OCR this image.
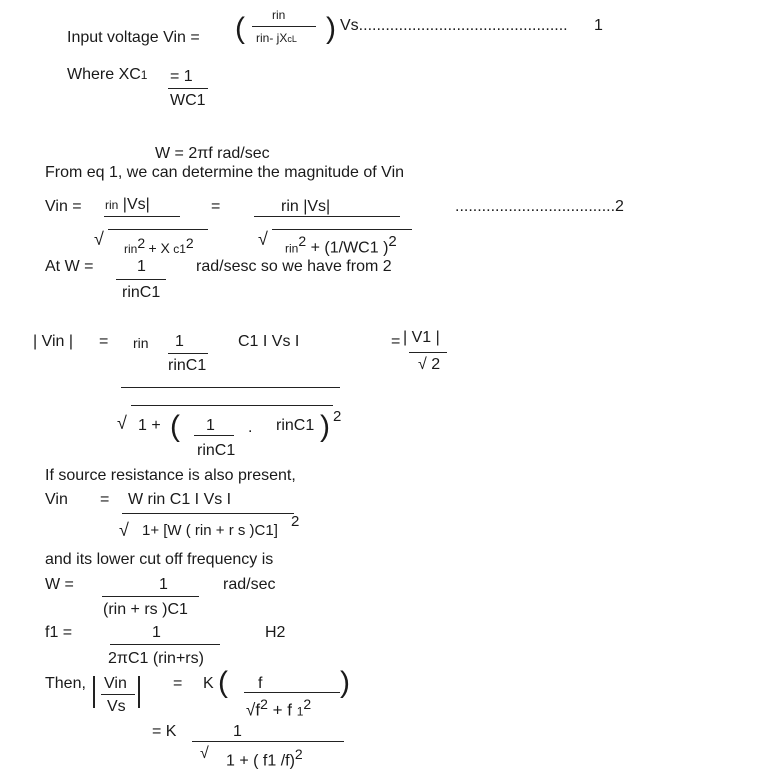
Input voltage Vin = ( rin
rin- jXcL ) Vs............................................... 1
Where XC1 = 1
WC1
W = 2πf rad/sec
From eq 1, we can determine the magnitude of Vin
Vin = rin |Vs|
√ rin$^2$ + X $c1^2$
=	rin |Vs|
√ rin$^2$ + (1/WC1 )$^2$
....................................2
At W =	1
rinC1
rad/sesc so we have from 2
| Vin | = rin 1
rinC1
C1 I Vs I	= | V1 |
√ 2
√ 1 + ( 1
rinC1
. rinC1 ) 2
If source resistance is also present,
Vin = W rin C1 I Vs I
√ 1+ [W ( rin + r s )C1]
2
and its lower cut off frequency is
W =	1
(rin + rs )C1
rad/sec
f1 =	1
2πC1 (rin+rs)
H2
Then, Vin
Vs
= K ( f
$√f^2 + f$ $1^2$
)
= K	1
√ 1 + ( f1 /f)$^2$
